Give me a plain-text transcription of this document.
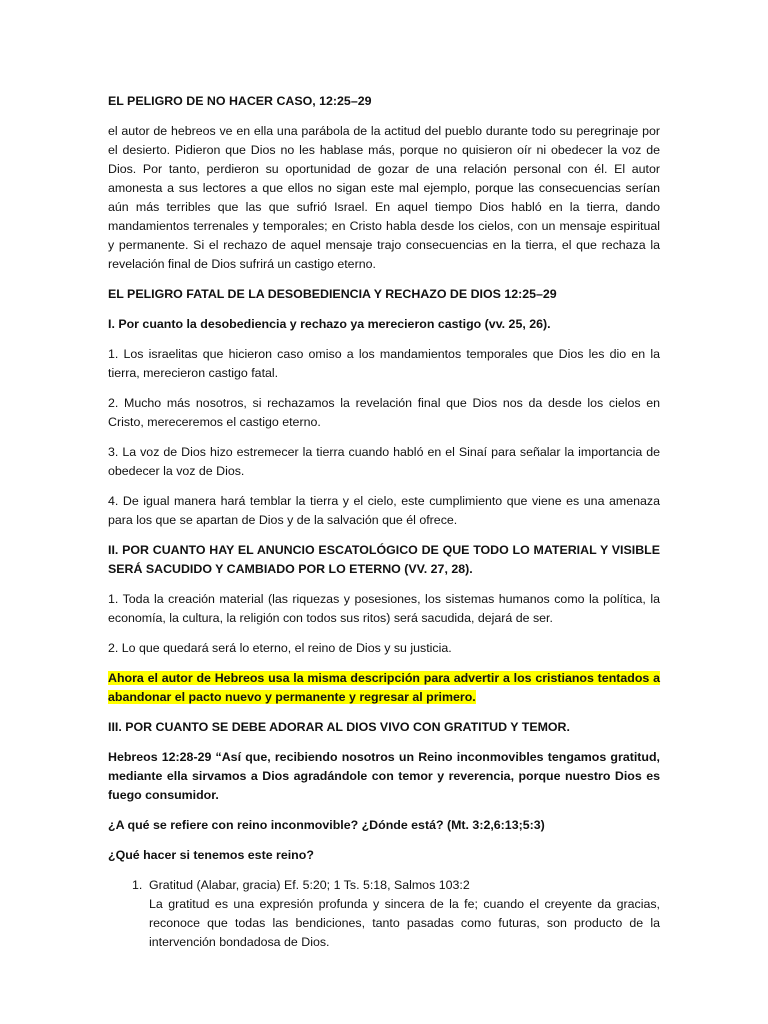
EL PELIGRO DE NO HACER CASO, 12:25–29

el autor de hebreos ve en ella una parábola de la actitud del pueblo durante todo su peregrinaje por el desierto. Pidieron que Dios no les hablase más, porque no quisieron oír ni obedecer la voz de Dios. Por tanto, perdieron su oportunidad de gozar de una relación personal con él. El autor amonesta a sus lectores a que ellos no sigan este mal ejemplo, porque las consecuencias serían aún más terribles que las que sufrió Israel. En aquel tiempo Dios habló en la tierra, dando mandamientos terrenales y temporales; en Cristo habla desde los cielos, con un mensaje espiritual y permanente. Si el rechazo de aquel mensaje trajo consecuencias en la tierra, el que rechaza la revelación final de Dios sufrirá un castigo eterno.

EL PELIGRO FATAL DE LA DESOBEDIENCIA Y RECHAZO DE DIOS 12:25–29

I. Por cuanto la desobediencia y rechazo ya merecieron castigo (vv. 25, 26).

1. Los israelitas que hicieron caso omiso a los mandamientos temporales que Dios les dio en la tierra, merecieron castigo fatal.

2. Mucho más nosotros, si rechazamos la revelación final que Dios nos da desde los cielos en Cristo, mereceremos el castigo eterno.

3. La voz de Dios hizo estremecer la tierra cuando habló en el Sinaí para señalar la importancia de obedecer la voz de Dios.

4. De igual manera hará temblar la tierra y el cielo, este cumplimiento que viene es una amenaza para los que se apartan de Dios y de la salvación que él ofrece.

II. POR CUANTO HAY EL ANUNCIO ESCATOLÓGICO DE QUE TODO LO MATERIAL Y VISIBLE SERÁ SACUDIDO Y CAMBIADO POR LO ETERNO (VV. 27, 28).

1. Toda la creación material (las riquezas y posesiones, los sistemas humanos como la política, la economía, la cultura, la religión con todos sus ritos) será sacudida, dejará de ser.

2. Lo que quedará será lo eterno, el reino de Dios y su justicia.

Ahora el autor de Hebreos usa la misma descripción para advertir a los cristianos tentados a abandonar el pacto nuevo y permanente y regresar al primero.

III. POR CUANTO SE DEBE ADORAR AL DIOS VIVO CON GRATITUD Y TEMOR.

Hebreos 12:28-29 “Así que, recibiendo nosotros un Reino inconmovibles tengamos gratitud, mediante ella sirvamos a Dios agradándole con temor y reverencia, porque nuestro Dios es fuego consumidor.

¿A qué se refiere con reino inconmovible? ¿Dónde está? (Mt. 3:2,6:13;5:3)

¿Qué hacer si tenemos este reino?

1. Gratitud (Alabar, gracia) Ef. 5:20; 1 Ts. 5:18, Salmos 103:2

La gratitud es una expresión profunda y sincera de la fe; cuando el creyente da gracias, reconoce que todas las bendiciones, tanto pasadas como futuras, son producto de la intervención bondadosa de Dios.
